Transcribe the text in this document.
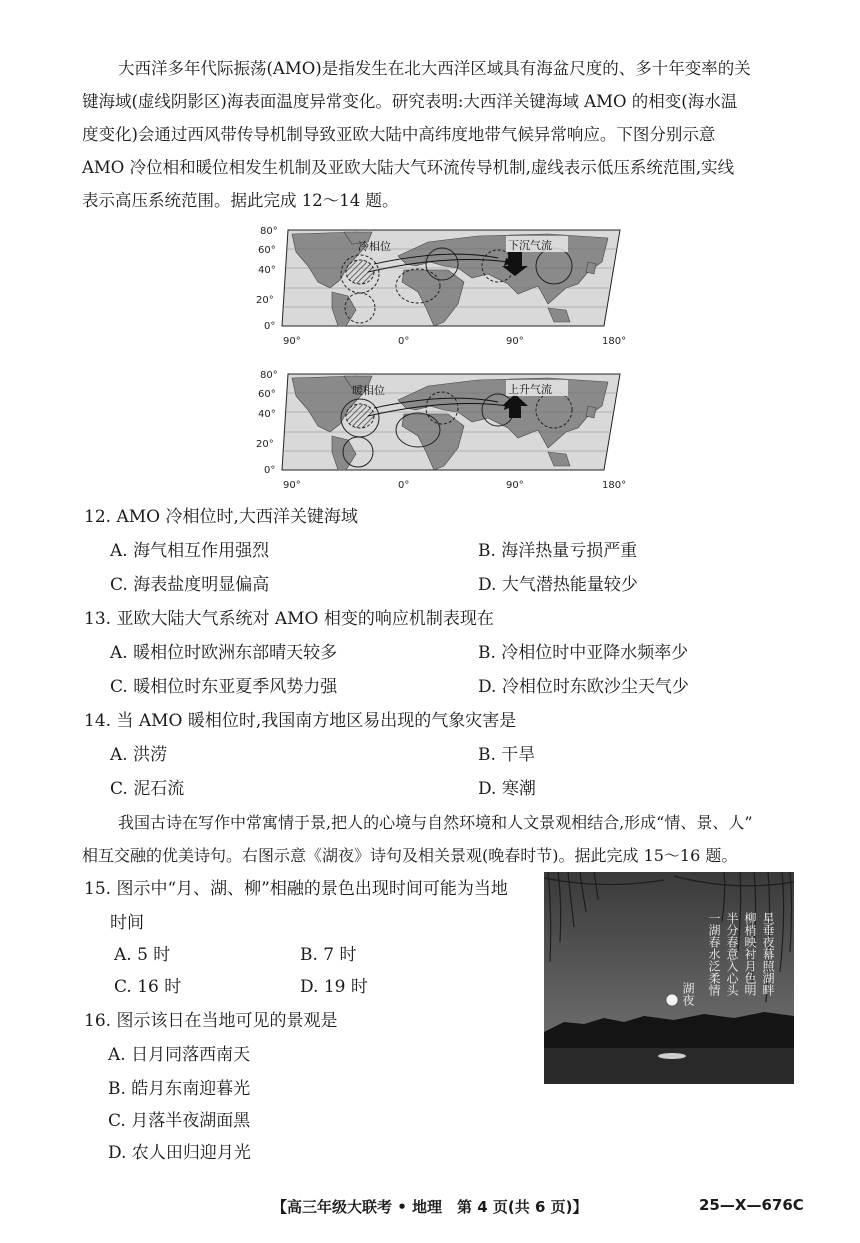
大西洋多年代际振荡(AMO)是指发生在北大西洋区域具有海盆尺度的、多十年变率的关
键海域(虚线阴影区)海表面温度异常变化。研究表明:大西洋关键海域 AMO 的相变(海水温
度变化)会通过西风带传导机制导致亚欧大陆中高纬度地带气候异常响应。下图分别示意
AMO 冷位相和暖位相发生机制及亚欧大陆大气环流传导机制,虚线表示低压系统范围,实线
表示高压系统范围。据此完成 12～14 题。
冷相位	下沉气流
80°
60°
40°
20°
0°
90°	0°	90°	180°
暖相位	上升气流
80°
60°
40°
20°
0°
90°	0°	90°	180°
12. AMO 冷相位时,大西洋关键海域
A. 海气相互作用强烈	B. 海洋热量亏损严重
C. 海表盐度明显偏高	D. 大气潜热能量较少
13. 亚欧大陆大气系统对 AMO 相变的响应机制表现在
A. 暖相位时欧洲东部晴天较多	B. 冷相位时中亚降水频率少
C. 暖相位时东亚夏季风势力强	D. 冷相位时东欧沙尘天气少
14. 当 AMO 暖相位时,我国南方地区易出现的气象灾害是
A. 洪涝	B. 干旱
C. 泥石流	D. 寒潮
我国古诗在写作中常寓情于景,把人的心境与自然环境和人文景观相结合,形成“情、景、人”
相互交融的优美诗句。右图示意《湖夜》诗句及相关景观(晚春时节)。据此完成 15～16 题。
15. 图示中“月、湖、柳”相融的景色出现时间可能为当地
时间
A. 5 时	B. 7 时
C. 16 时	D. 19 时
16. 图示该日在当地可见的景观是
A. 日月同落西南天
B. 皓月东南迎暮光
C. 月落半夜湖面黑
D. 农人田归迎月光
星垂夜幕照湖畔
柳梢映衬月色明
半分春意入心头
一湖春水泛柔情
湖夜
【高三年级大联考 • 地理　第 4 页(共 6 页)】	25—X—676C
